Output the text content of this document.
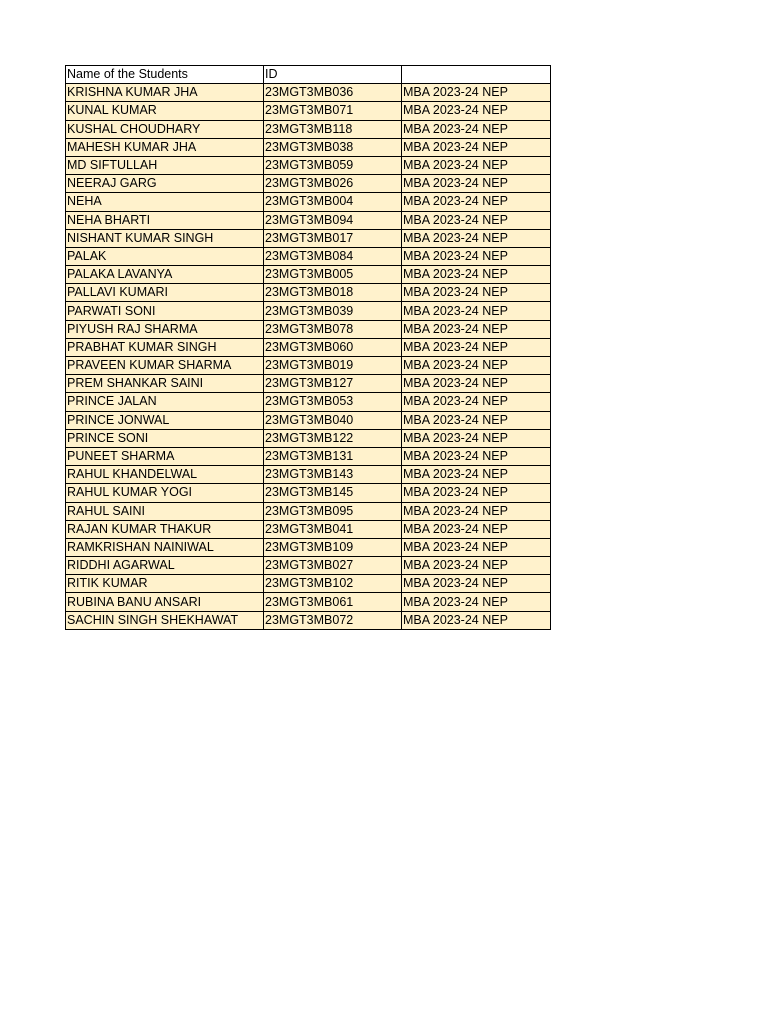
Name of the Students	ID	
KRISHNA KUMAR JHA	23MGT3MB036	MBA 2023-24 NEP
KUNAL KUMAR	23MGT3MB071	MBA 2023-24 NEP
KUSHAL CHOUDHARY	23MGT3MB118	MBA 2023-24 NEP
MAHESH KUMAR JHA	23MGT3MB038	MBA 2023-24 NEP
MD SIFTULLAH	23MGT3MB059	MBA 2023-24 NEP
NEERAJ GARG	23MGT3MB026	MBA 2023-24 NEP
NEHA	23MGT3MB004	MBA 2023-24 NEP
NEHA BHARTI	23MGT3MB094	MBA 2023-24 NEP
NISHANT KUMAR SINGH	23MGT3MB017	MBA 2023-24 NEP
PALAK	23MGT3MB084	MBA 2023-24 NEP
PALAKA LAVANYA	23MGT3MB005	MBA 2023-24 NEP
PALLAVI KUMARI	23MGT3MB018	MBA 2023-24 NEP
PARWATI SONI	23MGT3MB039	MBA 2023-24 NEP
PIYUSH RAJ SHARMA	23MGT3MB078	MBA 2023-24 NEP
PRABHAT KUMAR SINGH	23MGT3MB060	MBA 2023-24 NEP
PRAVEEN KUMAR SHARMA	23MGT3MB019	MBA 2023-24 NEP
PREM SHANKAR SAINI	23MGT3MB127	MBA 2023-24 NEP
PRINCE JALAN	23MGT3MB053	MBA 2023-24 NEP
PRINCE JONWAL	23MGT3MB040	MBA 2023-24 NEP
PRINCE SONI	23MGT3MB122	MBA 2023-24 NEP
PUNEET SHARMA	23MGT3MB131	MBA 2023-24 NEP
RAHUL KHANDELWAL	23MGT3MB143	MBA 2023-24 NEP
RAHUL KUMAR YOGI	23MGT3MB145	MBA 2023-24 NEP
RAHUL SAINI	23MGT3MB095	MBA 2023-24 NEP
RAJAN KUMAR THAKUR	23MGT3MB041	MBA 2023-24 NEP
RAMKRISHAN NAINIWAL	23MGT3MB109	MBA 2023-24 NEP
RIDDHI AGARWAL	23MGT3MB027	MBA 2023-24 NEP
RITIK KUMAR	23MGT3MB102	MBA 2023-24 NEP
RUBINA BANU ANSARI	23MGT3MB061	MBA 2023-24 NEP
SACHIN SINGH SHEKHAWAT	23MGT3MB072	MBA 2023-24 NEP
